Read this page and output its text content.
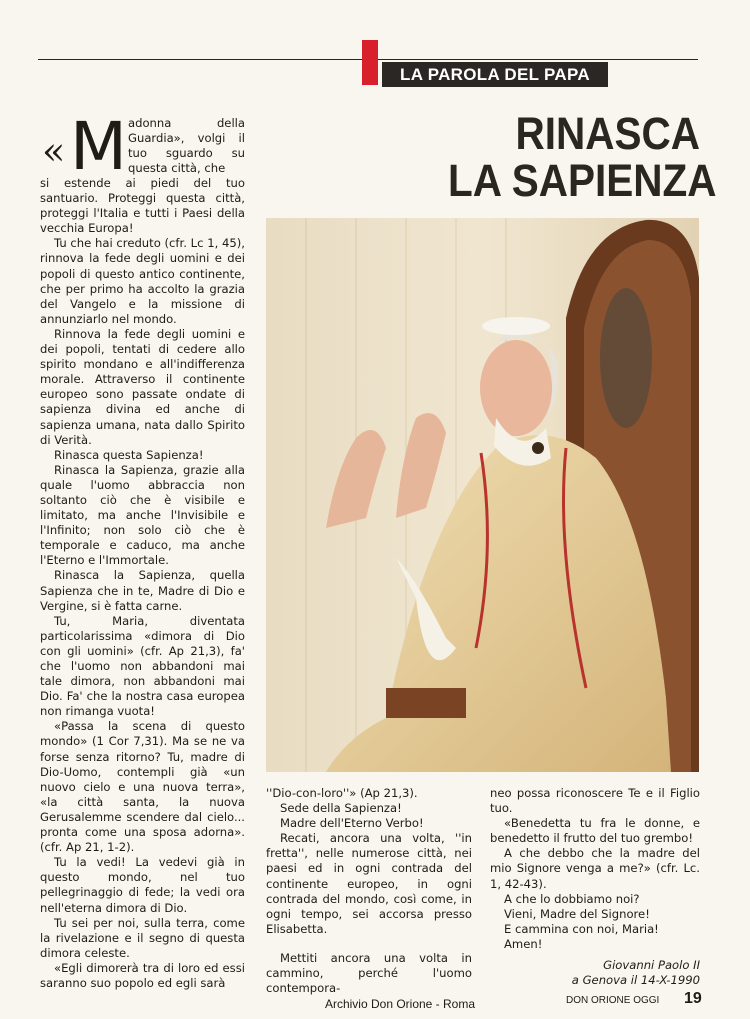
LA PAROLA DEL PAPA
RINASCA
LA SAPIENZA
« M adonna della Guardia», volgi il tuo sguardo su questa città, che

si estende ai piedi del tuo santuario. Proteggi questa città, proteggi l'Italia e tutti i Paesi della vecchia Europa!

Tu che hai creduto (cfr. Lc 1, 45), rinnova la fede degli uomini e dei popoli di questo antico continente, che per primo ha accolto la grazia del Vangelo e la missione di annunziarlo nel mondo.

Rinnova la fede degli uomini e dei popoli, tentati di cedere allo spirito mondano e all'indifferenza morale. Attraverso il continente europeo sono passate ondate di sapienza divina ed anche di sapienza umana, nata dallo Spirito di Verità.

Rinasca questa Sapienza!

Rinasca la Sapienza, grazie alla quale l'uomo abbraccia non soltanto ciò che è visibile e limitato, ma anche l'Invisibile e l'Infinito; non solo ciò che è temporale e caduco, ma anche l'Eterno e l'Immortale.

Rinasca la Sapienza, quella Sapienza che in te, Madre di Dio e Vergine, si è fatta carne.

Tu, Maria, diventata particolarissima «dimora di Dio con gli uomini» (cfr. Ap 21,3), fa' che l'uomo non abbandoni mai tale dimora, non abbandoni mai Dio. Fa' che la nostra casa europea non rimanga vuota!

«Passa la scena di questo mondo» (1 Cor 7,31). Ma se ne va forse senza ritorno? Tu, madre di Dio-Uomo, contempli già «un nuovo cielo e una nuova terra», «la città santa, la nuova Gerusalemme scendere dal cielo... pronta come una sposa adorna». (cfr. Ap 21, 1-2).

Tu la vedi! La vedevi già in questo mondo, nel tuo pellegrinaggio di fede; la vedi ora nell'eterna dimora di Dio.

Tu sei per noi, sulla terra, come la rivelazione e il segno di questa dimora celeste.

«Egli dimorerà tra di loro ed essi saranno suo popolo ed egli sarà

''Dio-con-loro''» (Ap 21,3).

Sede della Sapienza!

Madre dell'Eterno Verbo!

Recati, ancora una volta, ''in fretta'', nelle numerose città, nei paesi ed in ogni contrada del continente europeo, in ogni contrada del mondo, così come, in ogni tempo, sei accorsa presso Elisabetta.

Mettiti ancora una volta in cammino, perché l'uomo contempora-

neo possa riconoscere Te e il Figlio tuo.

«Benedetta tu fra le donne, e benedetto il frutto del tuo grembo!

A che debbo che la madre del mio Signore venga a me?» (cfr. Lc. 1, 42-43).

A che lo dobbiamo noi?

Vieni, Madre del Signore!

E cammina con noi, Maria!

Amen!

Giovanni Paolo II

a Genova il 14-X-1990

Archivio Don Orione - Roma	DON ORIONE OGGI 19
